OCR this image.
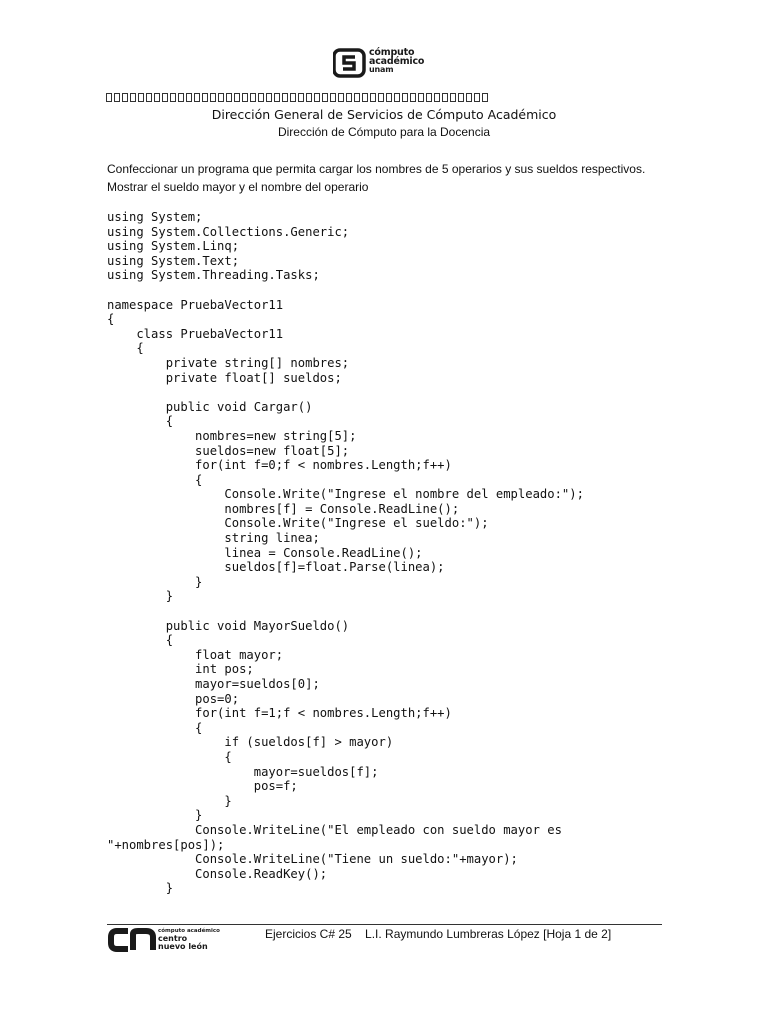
cómputo
académico
unam
Dirección General de Servicios de Cómputo Académico
Dirección de Cómputo para la Docencia
Confeccionar un programa que permita cargar los nombres de 5 operarios y sus sueldos respectivos. Mostrar el sueldo mayor y el nombre del operario
using System;
using System.Collections.Generic;
using System.Linq;
using System.Text;
using System.Threading.Tasks;

namespace PruebaVector11
{
class PruebaVector11
{
private string[] nombres;
private float[] sueldos;

public void Cargar()
{
nombres=new string[5];
sueldos=new float[5];
for(int f=0;f < nombres.Length;f++)
{
Console.Write("Ingrese el nombre del empleado:");
nombres[f] = Console.ReadLine();
Console.Write("Ingrese el sueldo:");
string linea;
linea = Console.ReadLine();
sueldos[f]=float.Parse(linea);
}
}

public void MayorSueldo()
{
float mayor;
int pos;
mayor=sueldos[0];
pos=0;
for(int f=1;f < nombres.Length;f++)
{
if (sueldos[f] > mayor)
{
mayor=sueldos[f];
pos=f;
}
}
Console.WriteLine("El empleado con sueldo mayor es
"+nombres[pos]);
Console.WriteLine("Tiene un sueldo:"+mayor);
Console.ReadKey();
}

cómputo académico
centro
nuevo león
Ejercicios C# 25    L.I. Raymundo Lumbreras López [Hoja 1 de 2]
